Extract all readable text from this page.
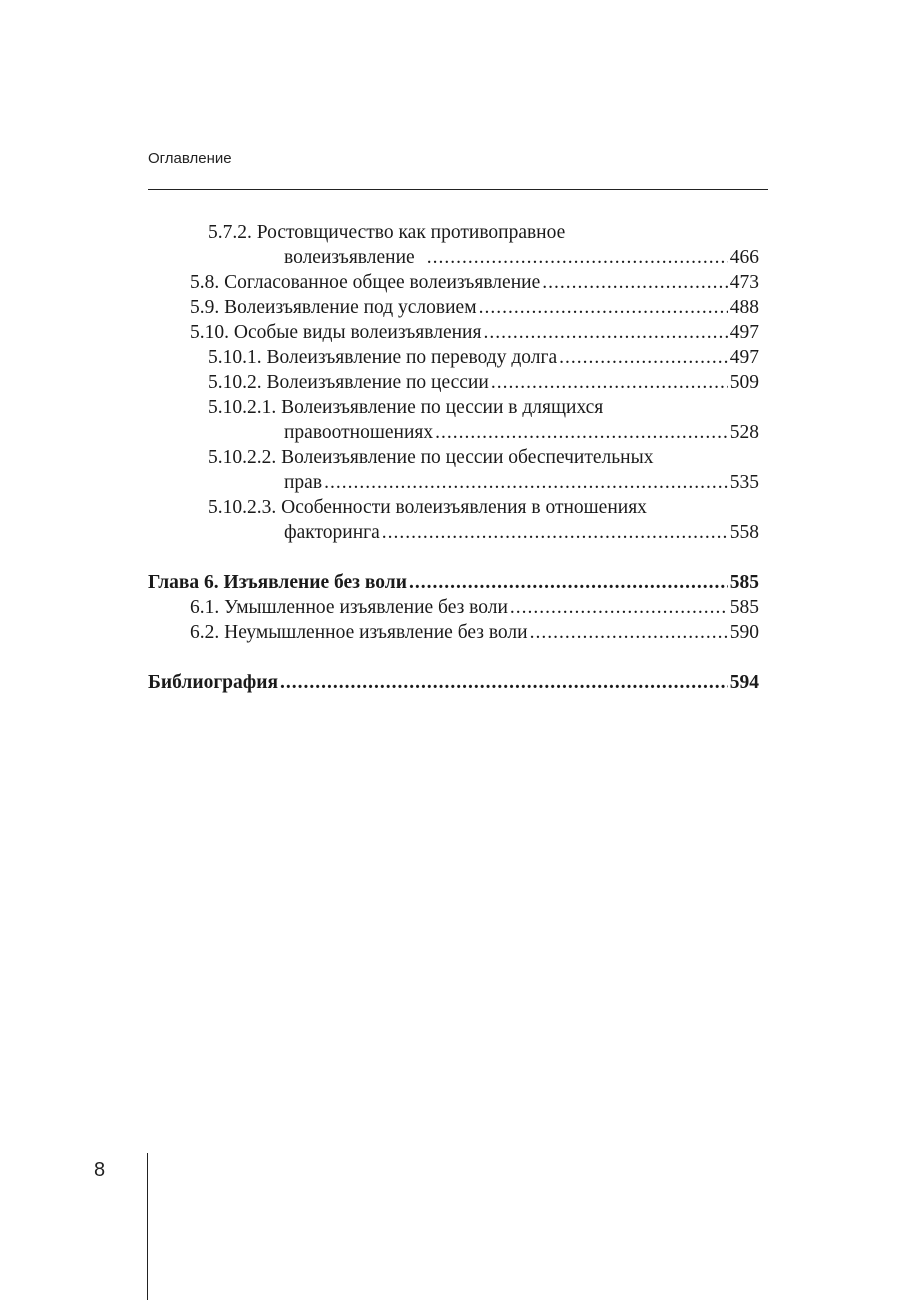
Оглавление
5.7.2. Ростовщичество как противоправное
волеизъявление .....	466
5.8. Согласованное общее волеизъявление .....	473
5.9. Волеизъявление под условием .....	488
5.10. Особые виды волеизъявления .....	497
5.10.1. Волеизъявление по переводу долга .....	497
5.10.2. Волеизъявление по цессии .....	509
5.10.2.1. Волеизъявление по цессии в длящихся
правоотношениях .....	528
5.10.2.2. Волеизъявление по цессии обеспечительных
прав .....	535
5.10.2.3. Особенности волеизъявления в отношениях
факторинга .....	558
Глава 6. Изъявление без воли .....	585
6.1. Умышленное изъявление без воли .....	585
6.2. Неумышленное изъявление без воли .....	590
Библиография .....	594
8
